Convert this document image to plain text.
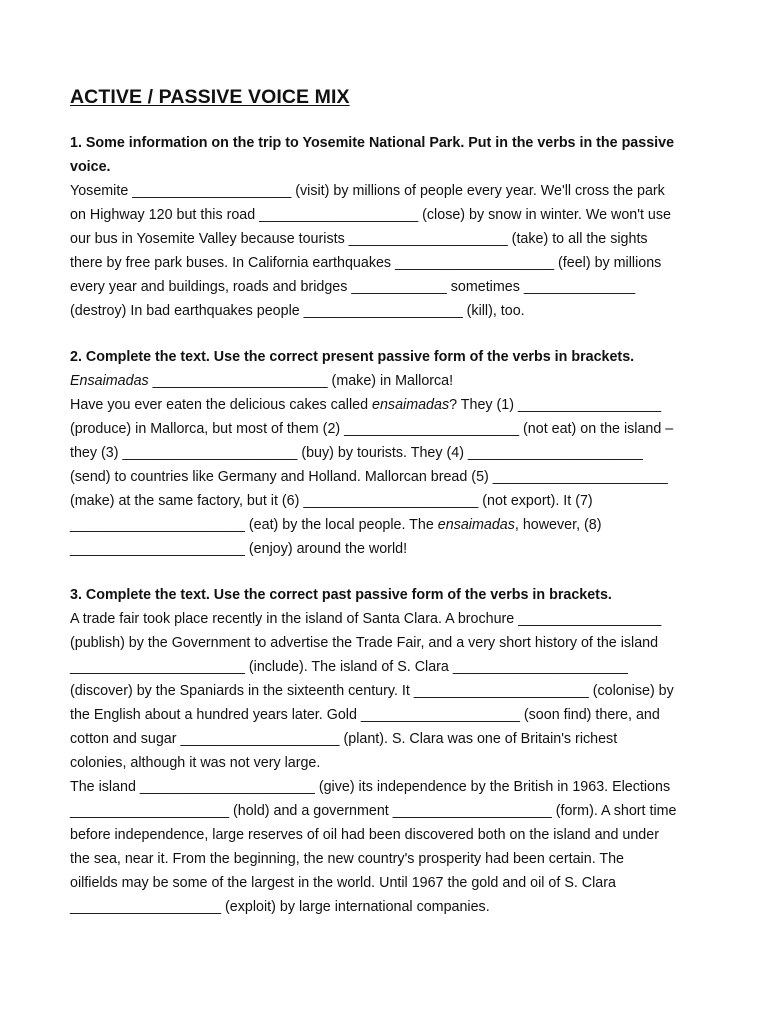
ACTIVE / PASSIVE VOICE MIX

1. Some information on the trip to Yosemite National Park. Put in the verbs in the passive

voice.

Yosemite ____________________ (visit) by millions of people every year. We'll cross the park

on Highway 120 but this road ____________________ (close) by snow in winter. We won't use

our bus in Yosemite Valley because tourists ____________________ (take) to all the sights

there by free park buses. In California earthquakes ____________________ (feel) by millions

every year and buildings, roads and bridges ____________ sometimes ______________

(destroy) In bad earthquakes people ____________________ (kill), too.

2. Complete the text. Use the correct present passive form of the verbs in brackets.

Ensaimadas ______________________ (make) in Mallorca!

Have you ever eaten the delicious cakes called ensaimadas? They (1) __________________

(produce) in Mallorca, but most of them (2) ______________________ (not eat) on the island –

they (3) ______________________ (buy) by tourists. They (4) ______________________

(send) to countries like Germany and Holland. Mallorcan bread (5) ______________________

(make) at the same factory, but it (6) ______________________ (not export). It (7)

______________________ (eat) by the local people. The ensaimadas, however, (8)

______________________ (enjoy) around the world!

3. Complete the text. Use the correct past passive form of the verbs in brackets.

A trade fair took place recently in the island of Santa Clara. A brochure __________________

(publish) by the Government to advertise the Trade Fair, and a very short history of the island

______________________ (include). The island of S. Clara ______________________

(discover) by the Spaniards in the sixteenth century. It ______________________ (colonise) by

the English about a hundred years later. Gold ____________________ (soon find) there, and

cotton and sugar ____________________ (plant). S. Clara was one of Britain's richest

colonies, although it was not very large.

The island ______________________ (give) its independence by the British in 1963. Elections

____________________ (hold) and a government ____________________ (form). A short time

before independence, large reserves of oil had been discovered both on the island and under

the sea, near it. From the beginning, the new country's prosperity had been certain. The

oilfields may be some of the largest in the world. Until 1967 the gold and oil of S. Clara

___________________ (exploit) by large international companies.
